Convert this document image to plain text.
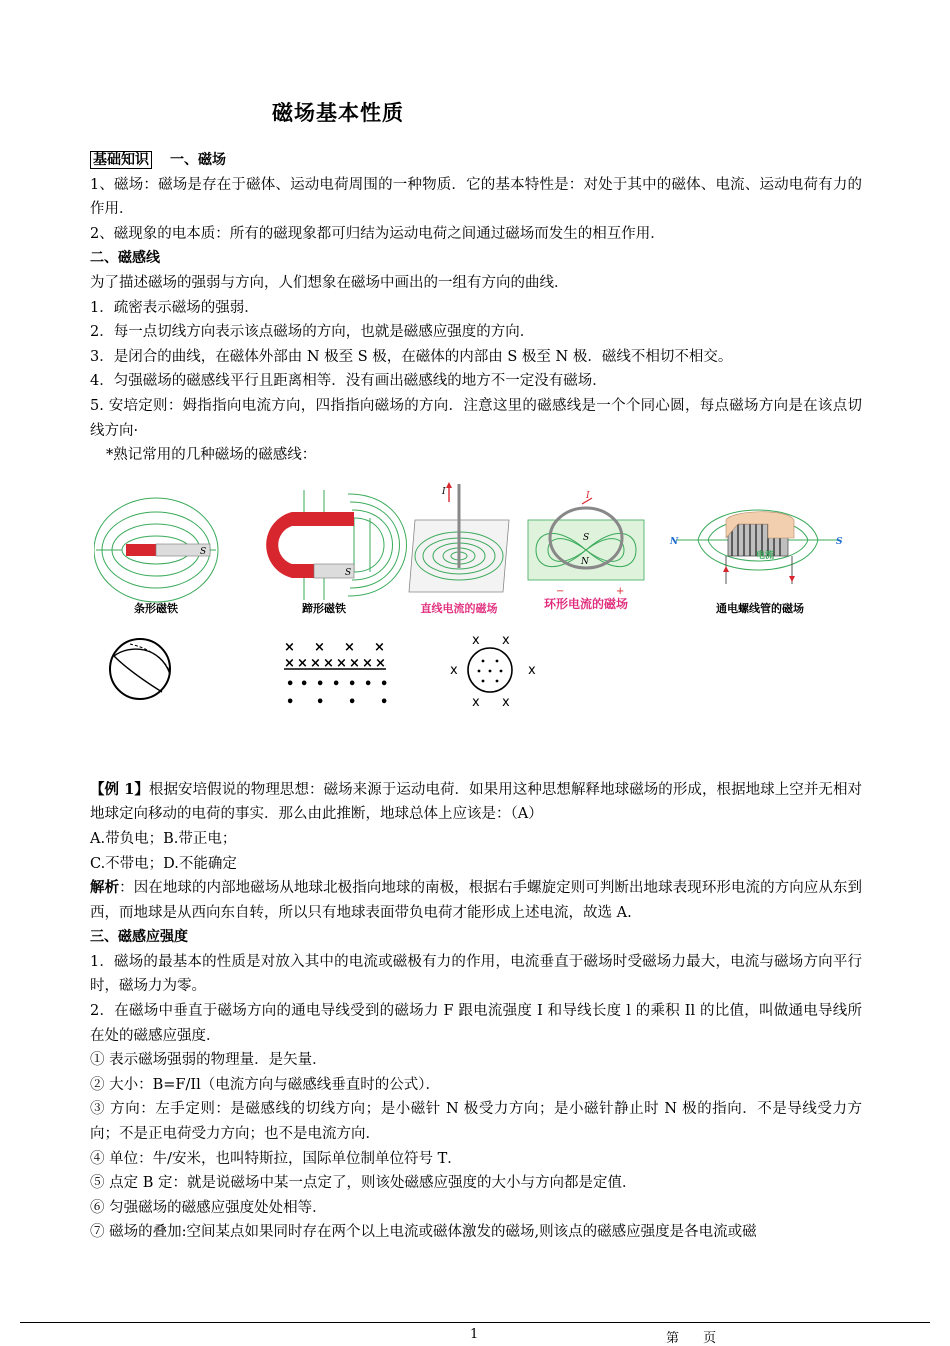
磁场基本性质

基础知识 一、磁场

1、磁场：磁场是存在于磁体、运动电荷周围的一种物质．它的基本特性是：对处于其中的磁体、电流、运动电荷有力的作用．

2、磁现象的电本质：所有的磁现象都可归结为运动电荷之间通过磁场而发生的相互作用．

二、磁感线

为了描述磁场的强弱与方向，人们想象在磁场中画出的一组有方向的曲线．

1．疏密表示磁场的强弱．

2．每一点切线方向表示该点磁场的方向，也就是磁感应强度的方向．

3．是闭合的曲线，在磁体外部由 N 极至 S 极，在磁体的内部由 S 极至 N 极．磁线不相切不相交。

4．匀强磁场的磁感线平行且距离相等．没有画出磁感线的地方不一定没有磁场．

5. 安培定则：姆指指向电流方向，四指指向磁场的方向．注意这里的磁感线是一个个同心圆，每点磁场方向是在该点切线方向·

*熟记常用的几种磁场的磁感线：

S
条形磁铁
S
蹄形磁铁
I
直线电流的磁场
I
S
N
−	+
环形电流的磁场
电流
N	S
通电螺线管的磁场
× × × ×
× × × × × × × ×
• • • • • • •
• • • •
x x
x	x
x x

【例 1】根据安培假说的物理思想：磁场来源于运动电荷．如果用这种思想解释地球磁场的形成，根据地球上空并无相对地球定向移动的电荷的事实．那么由此推断，地球总体上应该是：（A）

A.带负电；B.带正电；

C.不带电；D.不能确定

解析：因在地球的内部地磁场从地球北极指向地球的南极，根据右手螺旋定则可判断出地球表现环形电流的方向应从东到西，而地球是从西向东自转，所以只有地球表面带负电荷才能形成上述电流，故选 A.

三、磁感应强度

1．磁场的最基本的性质是对放入其中的电流或磁极有力的作用，电流垂直于磁场时受磁场力最大，电流与磁场方向平行时，磁场力为零。

2．在磁场中垂直于磁场方向的通电导线受到的磁场力 F 跟电流强度 I 和导线长度 l 的乘积 Il 的比值，叫做通电导线所在处的磁感应强度．

① 表示磁场强弱的物理量．是矢量．

② 大小：B=F/Il（电流方向与磁感线垂直时的公式）．

③ 方向：左手定则：是磁感线的切线方向；是小磁针 N 极受力方向；是小磁针静止时 N 极的指向．不是导线受力方向；不是正电荷受力方向；也不是电流方向．

④ 单位：牛/安米，也叫特斯拉，国际单位制单位符号 T．

⑤ 点定 B 定：就是说磁场中某一点定了，则该处磁感应强度的大小与方向都是定值．

⑥ 匀强磁场的磁感应强度处处相等．

⑦ 磁场的叠加:空间某点如果同时存在两个以上电流或磁体激发的磁场,则该点的磁感应强度是各电流或磁

1	第 页
